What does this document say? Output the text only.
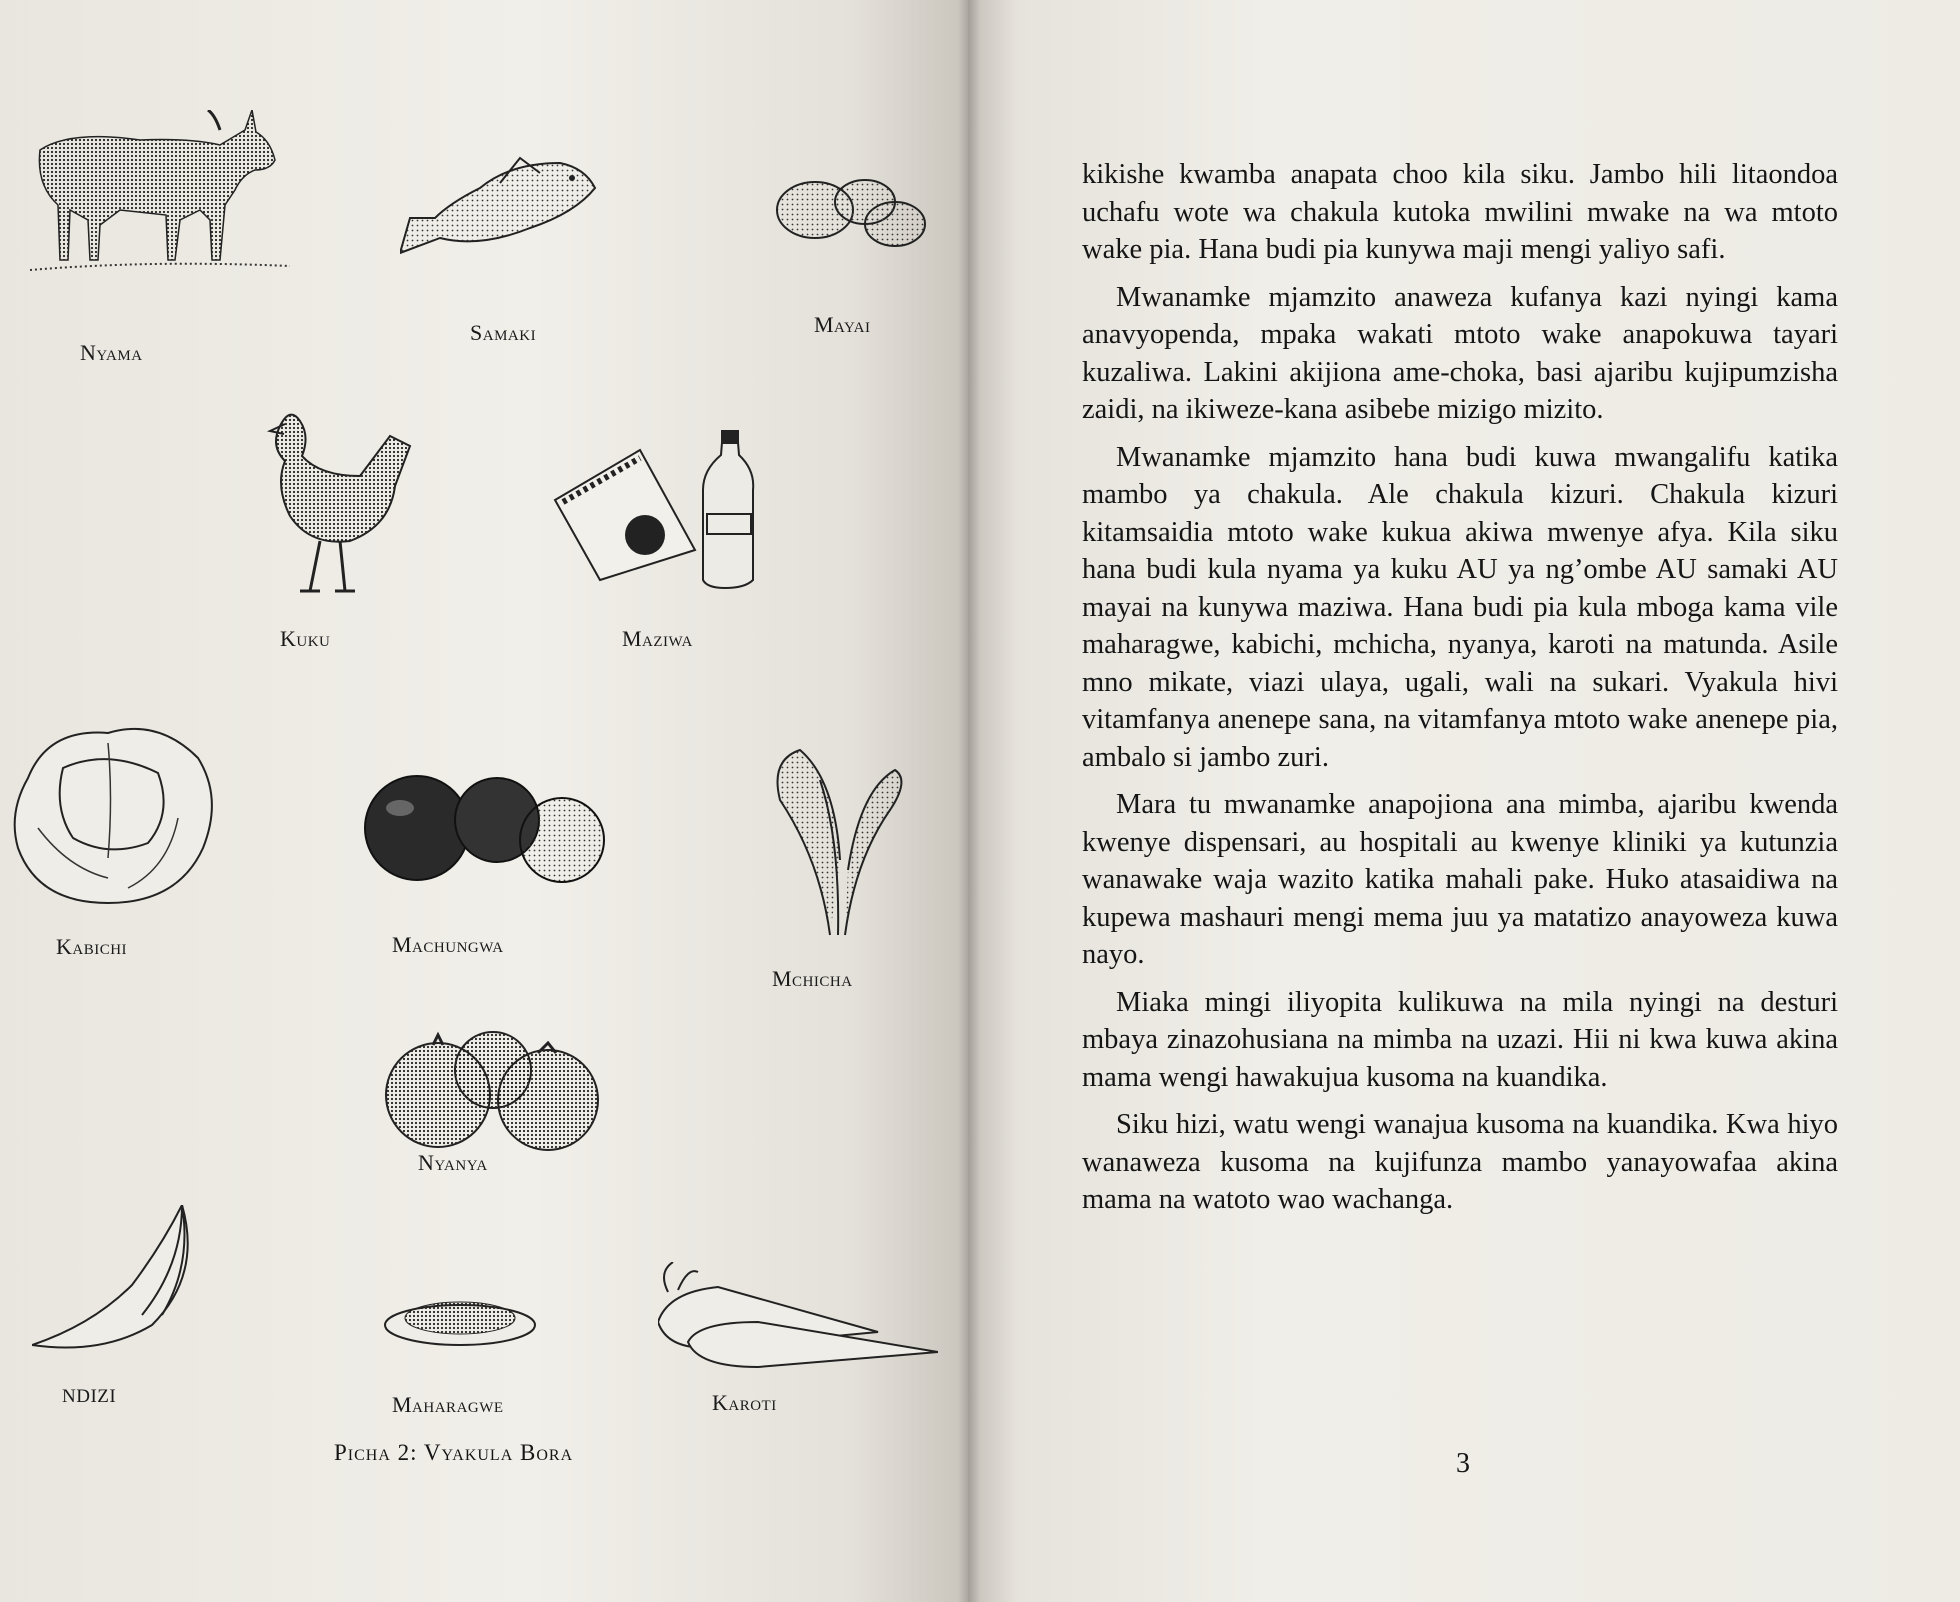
Nyama
Samaki	Mayai
Kuku	Maziwa
Kabichi	Machungwa
Mchicha
Nyanya
NDIZI	Maharagwe	Karoti
Picha 2: Vyakula Bora

kikishe kwamba anapata choo kila siku. Jambo hili litaondoa uchafu wote wa chakula kutoka mwilini mwake na wa mtoto wake pia. Hana budi pia kunywa maji mengi yaliyo safi.

Mwanamke mjamzito anaweza kufanya kazi nyingi kama anavyopenda, mpaka wakati mtoto wake anapokuwa tayari kuzaliwa. Lakini akijiona ame-choka, basi ajaribu kujipumzisha zaidi, na ikiweze-kana asibebe mizigo mizito.

Mwanamke mjamzito hana budi kuwa mwangalifu katika mambo ya chakula. Ale chakula kizuri. Chakula kizuri kitamsaidia mtoto wake kukua akiwa mwenye afya. Kila siku hana budi kula nyama ya kuku AU ya ng’ombe AU samaki AU mayai na kunywa maziwa. Hana budi pia kula mboga kama vile maharagwe, kabichi, mchicha, nyanya, karoti na matunda. Asile mno mikate, viazi ulaya, ugali, wali na sukari. Vyakula hivi vitamfanya anenepe sana, na vitamfanya mtoto wake anenepe pia, ambalo si jambo zuri.

Mara tu mwanamke anapojiona ana mimba, ajaribu kwenda kwenye dispensari, au hospitali au kwenye kliniki ya kutunzia wanawake waja wazito katika mahali pake. Huko atasaidiwa na kupewa mashauri mengi mema juu ya matatizo anayoweza kuwa nayo.

Miaka mingi iliyopita kulikuwa na mila nyingi na desturi mbaya zinazohusiana na mimba na uzazi. Hii ni kwa kuwa akina mama wengi hawakujua kusoma na kuandika.

Siku hizi, watu wengi wanajua kusoma na kuandika. Kwa hiyo wanaweza kusoma na kujifunza mambo yanayowafaa akina mama na watoto wao wachanga.

3
